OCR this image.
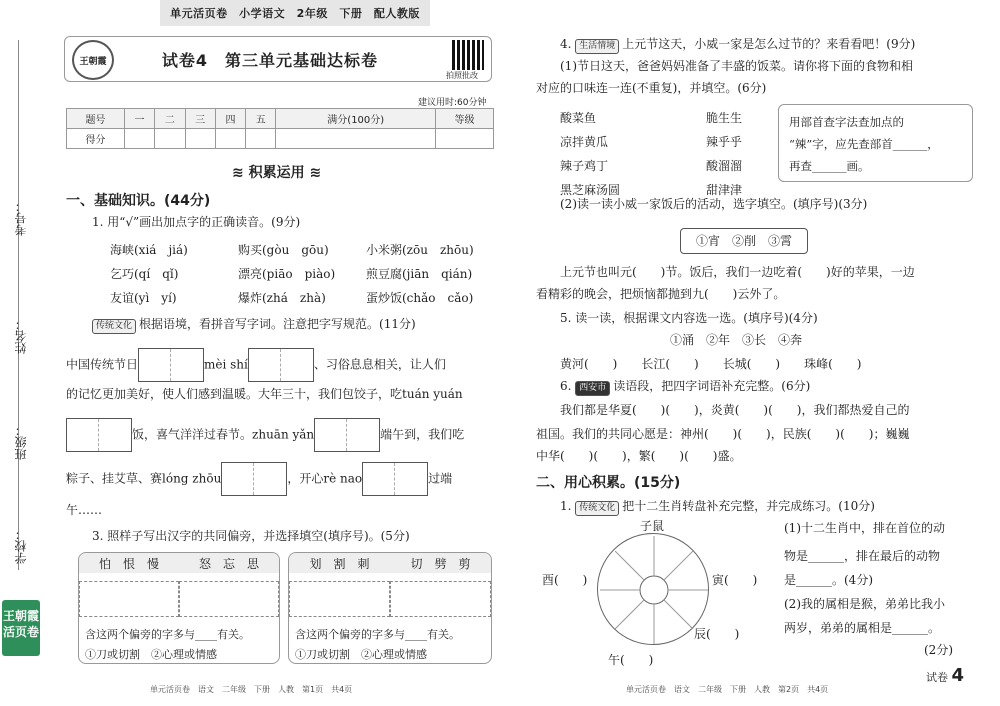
单元活页卷　小学语文　2年级　下册　配人教版
考号：
姓名：
班级：
学校：
王朝霞
活页卷
王朝霞	试卷4　第三单元基础达标卷
拍照批改
建议用时:60分钟
题号	一	二	三	四	五	满分(100分)	等级
得分							
≋ 积累运用 ≋
一、基础知识。(44分)
1. 用“√”画出加点字的正确读音。(9分)
海峡(xiá　jiá)	购买(gòu　gōu)	小米粥(zōu　zhōu)
乞巧(qí　qǐ)	漂亮(piāo　piào)	煎豆腐(jiān　qián)
友谊(yì　yí)	爆炸(zhá　zhà)	蛋炒饭(chǎo　cǎo)
传统文化 根据语境，看拼音写字词。注意把字写规范。(11分)
中国传统节日	mèi shí	、习俗息息相关，让人们
的记忆更加美好，使人们感到温暖。大年三十，我们包饺子，吃tuán yuán
饭，喜气洋洋过春节。zhuān yǎn	端午到，我们吃
粽子、挂艾草、赛lóng zhōu	，开心rè nao	过端
午……
3. 照样子写出汉字的共同偏旁，并选择填空(填序号)。(5分)
怕　恨　慢	怒　忘　思
含这两个偏旁的字多与____有关。
①刀或切割　②心理或情感
划　割　刺	切　劈　剪
含这两个偏旁的字多与____有关。
①刀或切割　②心理或情感
单元活页卷　语文　二年级　下册　人教　第1页　共4页
4. 生活情境 上元节这天，小威一家是怎么过节的？来看看吧！(9分)
(1)节日这天，爸爸妈妈准备了丰盛的饭菜。请你将下面的食物和相
对应的口味连一连(不重复)，并填空。(6分)
酸菜鱼
凉拌黄瓜
辣子鸡丁
黑芝麻汤圆
脆生生
辣乎乎
酸溜溜
甜津津
用部首查字法查加点的
“辣”字，应先查部首______，
再查______画。
(2)读一读小威一家饭后的活动，选字填空。(填序号)(3分)
①宵　②削　③霄
上元节也叫元(　　)节。饭后，我们一边吃着(　　)好的苹果，一边
看精彩的晚会，把烦恼都抛到九(　　)云外了。
5. 读一读，根据课文内容选一选。(填序号)(4分)
①涌　②年　③长　④奔
黄河(　　)　　长江(　　)　　长城(　　)　　珠峰(　　)
6. 西安市 读语段，把四字词语补充完整。(6分)
我们都是华夏(　　)(　　)，炎黄(　　)(　　)，我们都热爱自己的
祖国。我们的共同心愿是：神州(　　)(　　)，民族(　　)(　　)；巍巍
中华(　　)(　　)，繁(　　)(　　)盛。
二、用心积累。(15分)
1. 传统文化 把十二生肖转盘补充完整，并完成练习。(10分)
子鼠
酉(　　)	寅(　　)
辰(　　)
午(　　)
(1)十二生肖中，排在首位的动
物是______，排在最后的动物
是______。(4分)
(2)我的属相是猴，弟弟比我小
两岁，弟弟的属相是______。
(2分)
单元活页卷　语文　二年级　下册　人教　第2页　共4页
试卷 4
